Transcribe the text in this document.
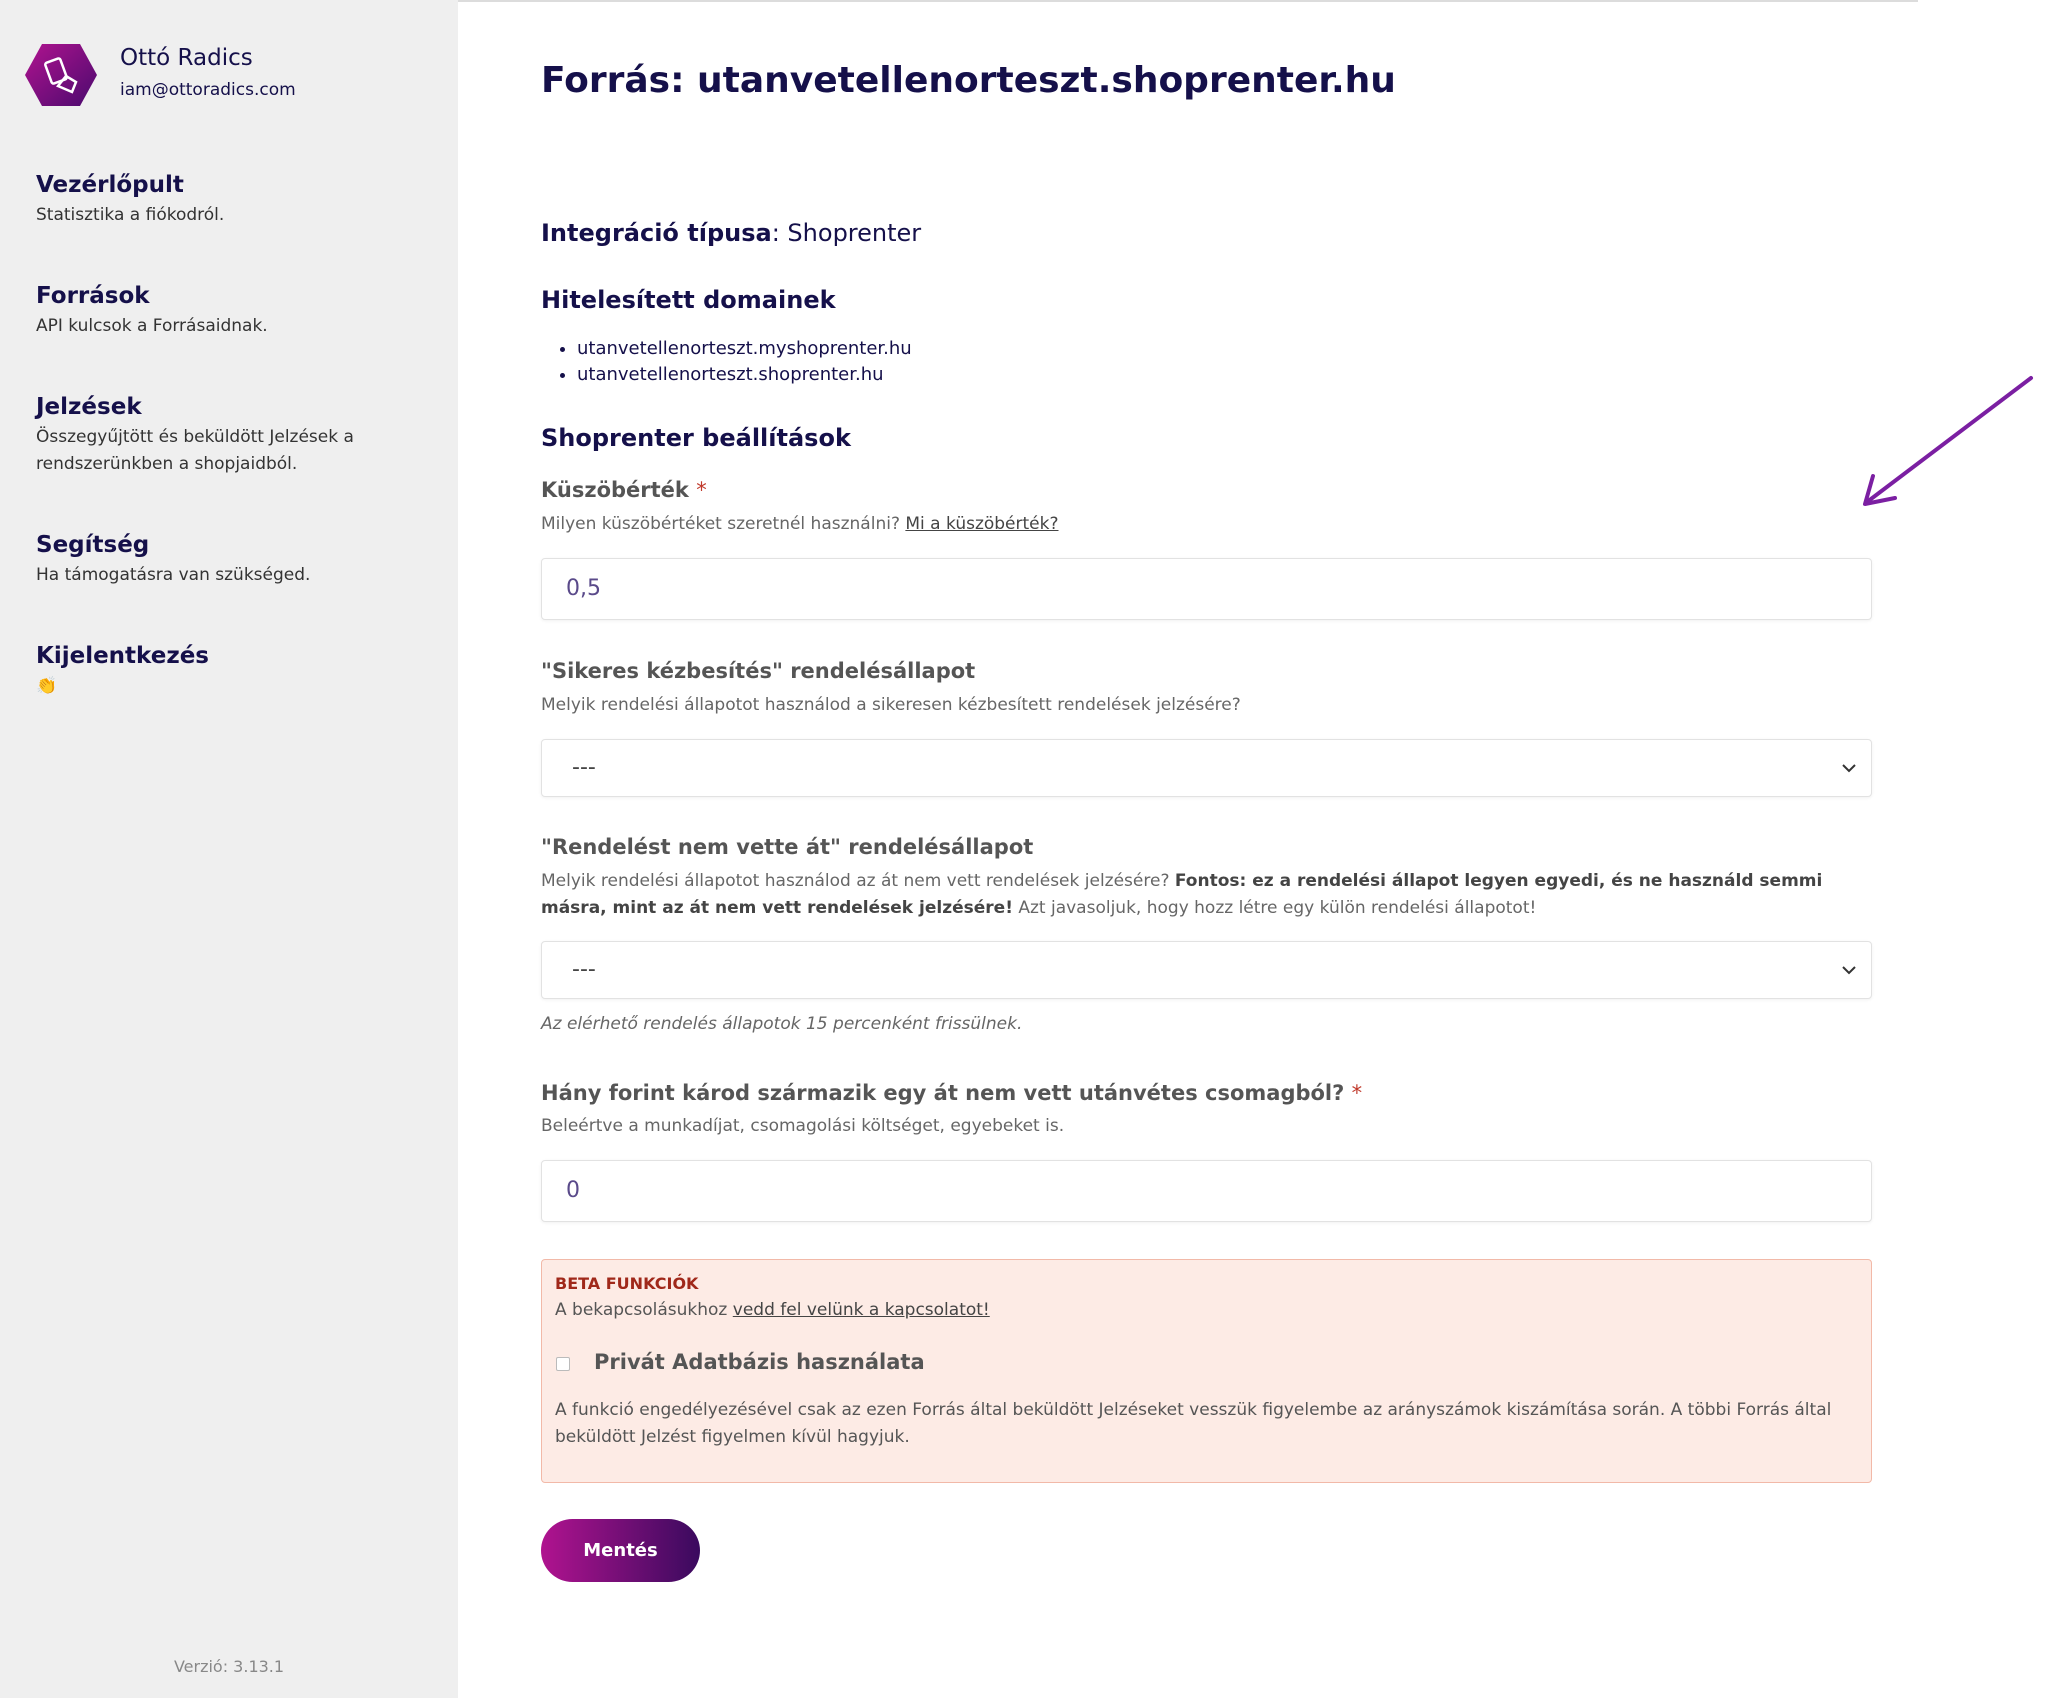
Ottó Radics
iam@ottoradics.com
Vezérlőpult
Statisztika a fiókodról.
Források
API kulcsok a Forrásaidnak.
Jelzések
Összegyűjtött és beküldött Jelzések a rendszerünkben a shopjaidból.
Segítség
Ha támogatásra van szükséged.
Kijelentkezés
👏
Verzió: 3.13.1
Forrás: utanvetellenorteszt.shoprenter.hu
Integráció típusa: Shoprenter
Hitelesített domainek
• utanvetellenorteszt.myshoprenter.hu
• utanvetellenorteszt.shoprenter.hu
Shoprenter beállítások
Küszöbérték *
Milyen küszöbértéket szeretnél használni? Mi a küszöbérték?
0,5
"Sikeres kézbesítés" rendelésállapot
Melyik rendelési állapotot használod a sikeresen kézbesített rendelések jelzésére?
---
"Rendelést nem vette át" rendelésállapot
Melyik rendelési állapotot használod az át nem vett rendelések jelzésére? Fontos: ez a rendelési állapot legyen egyedi, és ne használd semmi másra, mint az át nem vett rendelések jelzésére! Azt javasoljuk, hogy hozz létre egy külön rendelési állapotot!
---
Az elérhető rendelés állapotok 15 percenként frissülnek.
Hány forint károd származik egy át nem vett utánvétes csomagból? *
Beleértve a munkadíjat, csomagolási költséget, egyebeket is.
0
BETA FUNKCIÓK
A bekapcsolásukhoz vedd fel velünk a kapcsolatot!
Privát Adatbázis használata
A funkció engedélyezésével csak az ezen Forrás által beküldött Jelzéseket vesszük figyelembe az arányszámok kiszámítása során. A többi Forrás által beküldött Jelzést figyelmen kívül hagyjuk.
Mentés
